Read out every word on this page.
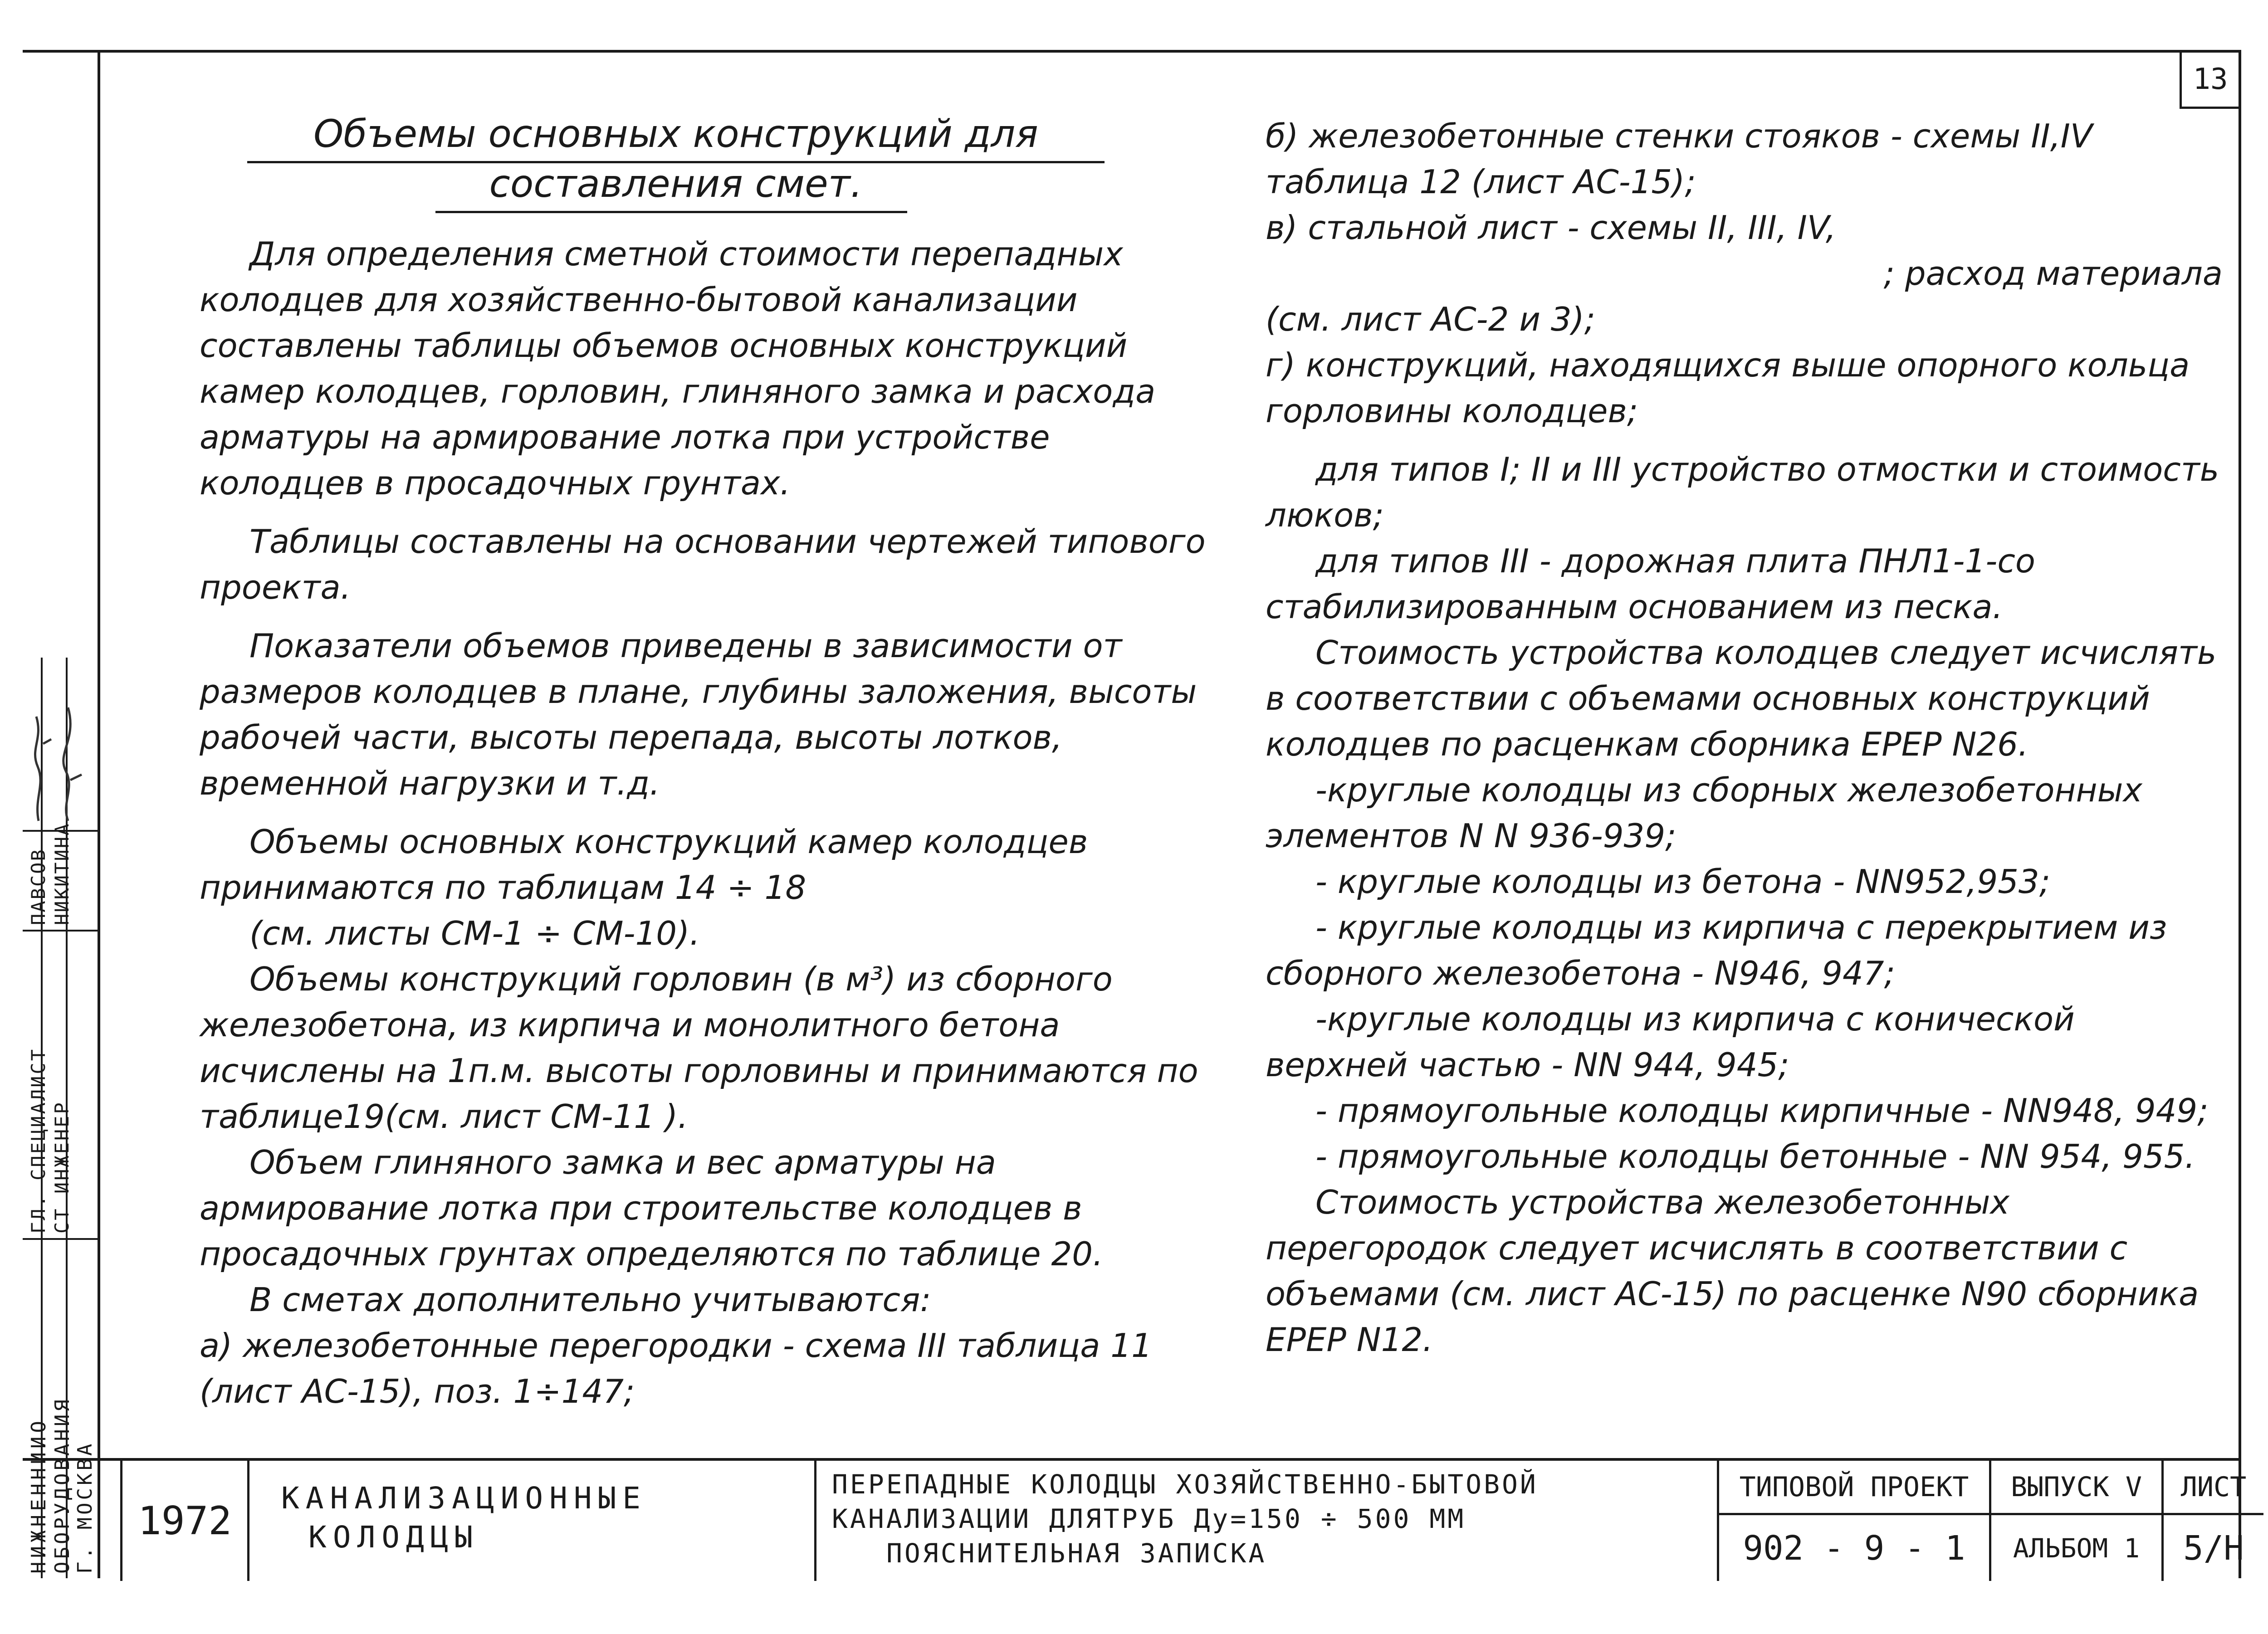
13
Объемы основных конструкций для
составления смет.

Для определения сметной стоимости перепадных колодцев для хозяйственно-бытовой канализации составлены таблицы объемов основных конструкций камер колодцев, горловин, глиняного замка и расхода арматуры на армирование лотка при устройстве колодцев в просадочных грунтах.

Таблицы составлены на основании чертежей типового проекта.

Показатели объемов приведены в зависимости от размеров колодцев в плане, глубины заложения, высоты рабочей части, высоты перепада, высоты лотков, временной нагрузки и т.д.

Объемы основных конструкций камер колодцев принимаются по таблицам 14 ÷ 18

(см. листы СМ-1 ÷ СМ-10).

Объемы конструкций горловин (в м³) из сборного железобетона, из кирпича и монолитного бетона исчислены на 1п.м. высоты горловины и принимаются по таблице19(см. лист СМ-11 ).

Объем глиняного замка и вес арматуры на армирование лотка при строительстве колодцев в просадочных грунтах определяются по таблице 20.

В сметах дополнительно учитываются:

а) железобетонные перегородки - схема III таблица 11 (лист АС-15), поз. 1÷147;

б) железобетонные стенки стояков - схемы II,IV таблица 12 (лист АС-15);

в) стальной лист - схемы II, III, IV,

; расход материала

(см. лист АС-2 и 3);

г) конструкций, находящихся выше опорного кольца горловины колодцев;

для типов I; II и III устройство отмостки и стоимость люков;

для типов III - дорожная плита ПНЛ1-1-со стабилизированным основанием из песка.

Стоимость устройства колодцев следует исчислять в соответствии с объемами основных конструкций колодцев по расценкам сборника ЕРЕР N26.

-круглые колодцы из сборных железобетонных элементов N N 936-939;

- круглые колодцы из бетона - NN952,953;

- круглые колодцы из кирпича с перекрытием из сборного железобетона - N946, 947;

-круглые колодцы из кирпича с конической верхней частью - NN 944, 945;

- прямоугольные колодцы кирпичные - NN948, 949;

- прямоугольные колодцы бетонные - NN 954, 955.

Стоимость устройства железобетонных перегородок следует исчислять в соответствии с объемами (см. лист АС-15) по расценке N90 сборника ЕРЕР N12.

НИЖНЕННИИО ОБОРУДОВАНИЯ Г. МОСКВА
ГЛ. СПЕЦИАЛИСТ СТ ИНЖЕНЕР
ПАВСОВ НИКИТИНА
1972	КАНАЛИЗАЦИОННЫЕ
КОЛОДЦЫ
ПЕРЕПАДНЫЕ КОЛОДЦЫ ХОЗЯЙСТВЕННО-БЫТОВОЙ
КАНАЛИЗАЦИИ ДЛЯТРУБ Ду=150 ÷ 500 ММ
ПОЯСНИТЕЛЬНАЯ ЗАПИСКА
ТИПОВОЙ ПРОЕКТ
902 - 9 - 1
ВЫПУСК V
АЛЬБОМ 1
ЛИСТ
5/Н
